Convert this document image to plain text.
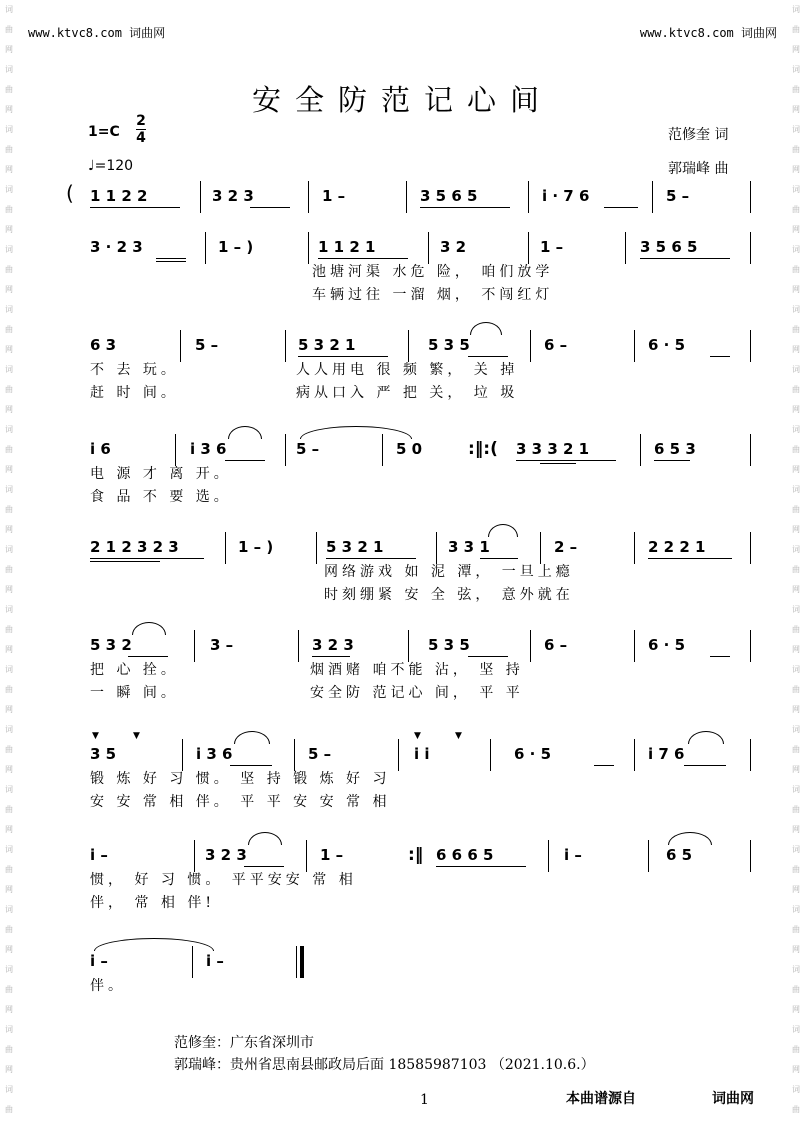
词
曲
网
词
曲
网
词
曲
网
词
曲
网
词
曲
网
词
曲
网
词
曲
网
词
曲
网
词
曲
网
词
曲
网
词
曲
网
词
曲
网
词
曲
网
词
曲
网
词
曲
网
词
曲
网
词
曲
网
词
曲
网
词
曲
词
曲
网
词
曲
网
词
曲
网
词
曲
网
词
曲
网
词
曲
网
词
曲
网
词
曲
网
词
曲
网
词
曲
网
词
曲
网
词
曲
网
词
曲
网
词
曲
网
词
曲
网
词
曲
网
词
曲
网
词
曲
网
词
曲
www.ktvc8.com 词曲网	www.ktvc8.com 词曲网
安全防范记心间
1=C
2
4
♩=120
范修奎 词
郭瑞峰 曲
( 1 1 2 2	3 2 3	1 –	3 5 6 5	i · 7 6	5 –
3 · 2 3	1 – )	1 1 2 1	3 2	1 –	3 5 6 5
池塘河渠 水危 险， 咱们放学
车辆过往 一溜 烟， 不闯红灯
6 3	5 –	5 3 2 1	5 3 5	6 –	6 · 5
不 去 玩。	人人用电 很 频 繁， 关 掉
赶 时 间。	病从口入 严 把 关， 垃 圾
i 6	i 3 6	5 –	5 0	:‖:( 3 3 3 2 1	6 5 3
电 源 才 离 开。
食 品 不 要 选。
2 1 2 3 2 3	1 – )	5 3 2 1	3 3 1	2 –	2 2 2 1
网络游戏 如 泥 潭， 一旦上瘾
时刻绷紧 安 全 弦， 意外就在
5 3 2	3 –	3 2 3	5 3 5	6 –	6 · 5
把 心 拴。	烟酒赌 咱不能 沾， 坚 持
一 瞬 间。	安全防 范记心 间， 平 平
▼	▼
3 5	i 3 6	5 –
▼	▼
i i	6 · 5	i 7 6
锻 炼 好 习 惯。 坚 持 锻 炼 好 习
安 安 常 相 伴。 平 平 安 安 常 相
i –	3 2 3	1 –	:‖ 6 6 6 5	i –	6 5
惯， 好 习 惯。 平平安安 常 相
伴， 常 相 伴!
i –	i –
伴。
范修奎：广东省深圳市
郭瑞峰：贵州省思南县邮政局后面 18585987103 （2021.10.6.）
1	本曲谱源自	词曲网
